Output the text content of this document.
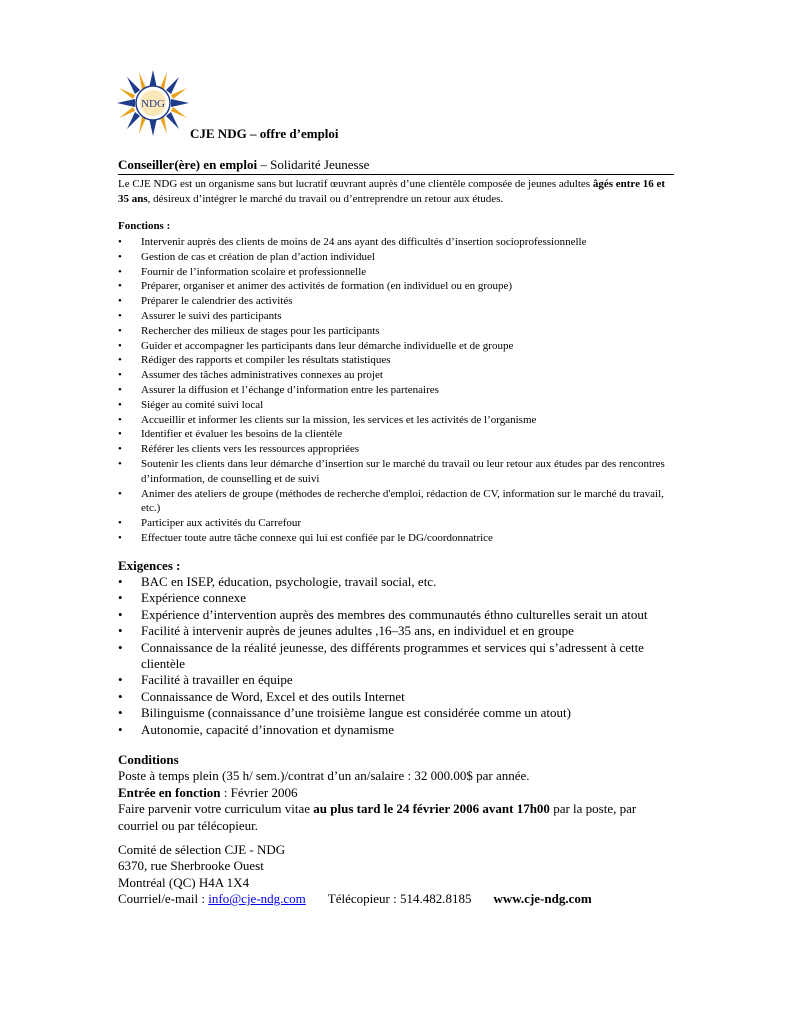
NDG
CJE NDG – offre d’emploi
Conseiller(ère) en emploi – Solidarité Jeunesse
Le CJE NDG est un organisme sans but lucratif œuvrant auprès d’une clientèle composée de jeunes adultes âgés entre 16 et 35 ans, désireux d’intégrer le marché du travail ou d’entreprendre un retour aux études.
Fonctions :
• Intervenir auprès des clients de moins de 24 ans ayant des difficultés d’insertion socioprofessionnelle
• Gestion de cas et création de plan d’action individuel
• Fournir de l’information scolaire et professionnelle
• Préparer, organiser et animer des activités de formation (en individuel ou en groupe)
• Préparer le calendrier des activités
• Assurer le suivi des participants
• Rechercher des milieux de stages pour les participants
• Guider et accompagner les participants dans leur démarche individuelle et de groupe
• Rédiger des rapports et compiler les résultats statistiques
• Assumer des tâches administratives connexes au projet
• Assurer la diffusion et l’échange d’information entre les partenaires
• Siéger au comité suivi local
• Accueillir et informer les clients sur la mission, les services et les activités de l’organisme
• Identifier et évaluer les besoins de la clientèle
• Référer les clients vers les ressources appropriées
• Soutenir les clients dans leur démarche d’insertion sur le marché du travail ou leur retour aux études par des rencontres d’information, de counselling et de suivi
• Animer des ateliers de groupe (méthodes de recherche d'emploi, rédaction de CV, information sur le marché du travail, etc.)
• Participer aux activités du Carrefour
• Effectuer toute autre tâche connexe qui lui est confiée par le DG/coordonnatrice
Exigences :
• BAC en ISEP, éducation, psychologie, travail social, etc.
• Expérience connexe
• Expérience d’intervention auprès des membres des communautés éthno culturelles serait un atout
• Facilité à intervenir auprès de jeunes adultes ,16–35 ans, en individuel et en groupe
• Connaissance de la réalité jeunesse, des différents programmes et services qui s’adressent à cette clientèle
• Facilité à travailler en équipe
• Connaissance de Word, Excel et des outils Internet
• Bilinguisme (connaissance d’une troisième langue est considérée comme un atout)
• Autonomie, capacité d’innovation et dynamisme
Conditions
Poste à temps plein (35 h/ sem.)/contrat d’un an/salaire : 32 000.00$ par année.
Entrée en fonction : Février 2006
Faire parvenir votre curriculum vitae au plus tard le 24 février 2006 avant 17h00 par la poste, par courriel ou par télécopieur.
Comité de sélection CJE - NDG
6370, rue Sherbrooke Ouest
Montréal (QC) H4A 1X4
Courriel/e-mail : info@cje-ndg.com Télécopieur : 514.482.8185 www.cje-ndg.com
